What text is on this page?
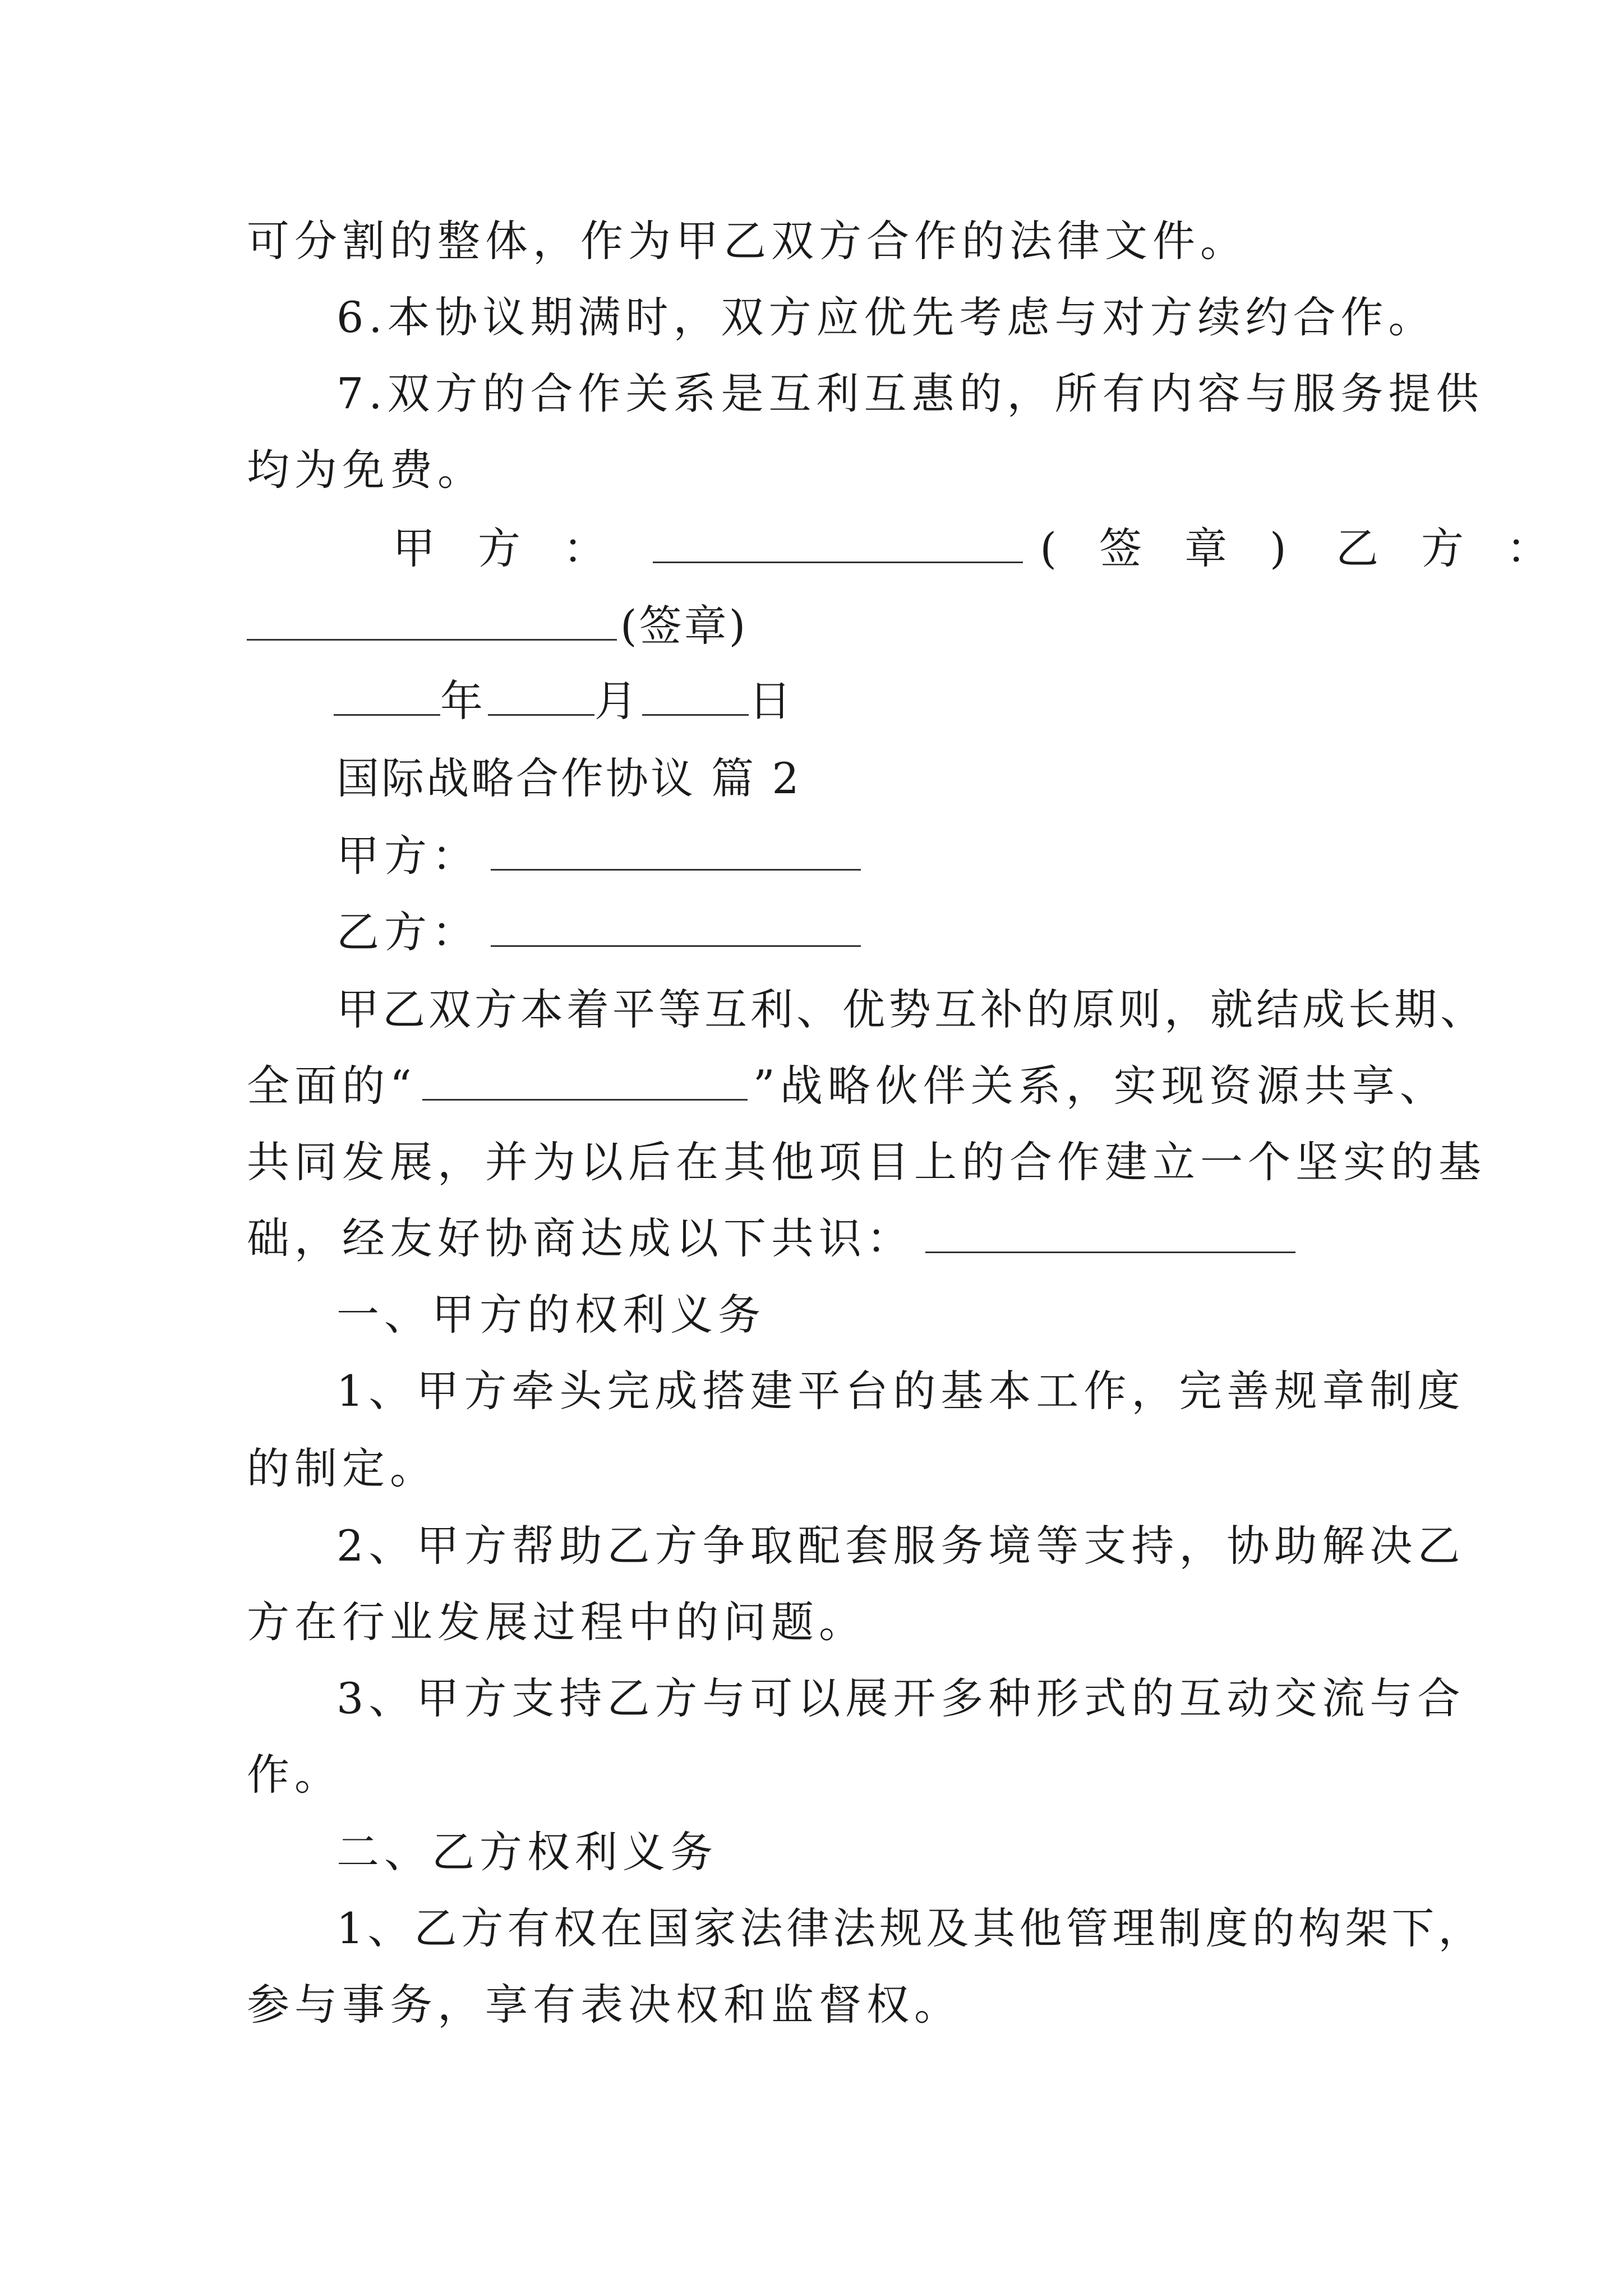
可分割的整体，作为甲乙双方合作的法律文件。
6.本协议期满时，双方应优先考虑与对方续约合作。
7.双方的合作关系是互利互惠的，所有内容与服务提供
均为免费。
甲　方　：	(　签　章　) 乙　方　：
(签章)
年	月	日
国际战略合作协议 篇 2
甲方：
乙方：
甲乙双方本着平等互利、优势互补的原则，就结成长期、
全面的“	”战略伙伴关系，实现资源共享、
共同发展，并为以后在其他项目上的合作建立一个坚实的基
础，经友好协商达成以下共识：
一、甲方的权利义务
1、甲方牵头完成搭建平台的基本工作，完善规章制度
的制定。
2、甲方帮助乙方争取配套服务境等支持，协助解决乙
方在行业发展过程中的问题。
3、甲方支持乙方与可以展开多种形式的互动交流与合
作。
二、乙方权利义务
1、乙方有权在国家法律法规及其他管理制度的构架下，
参与事务，享有表决权和监督权。
